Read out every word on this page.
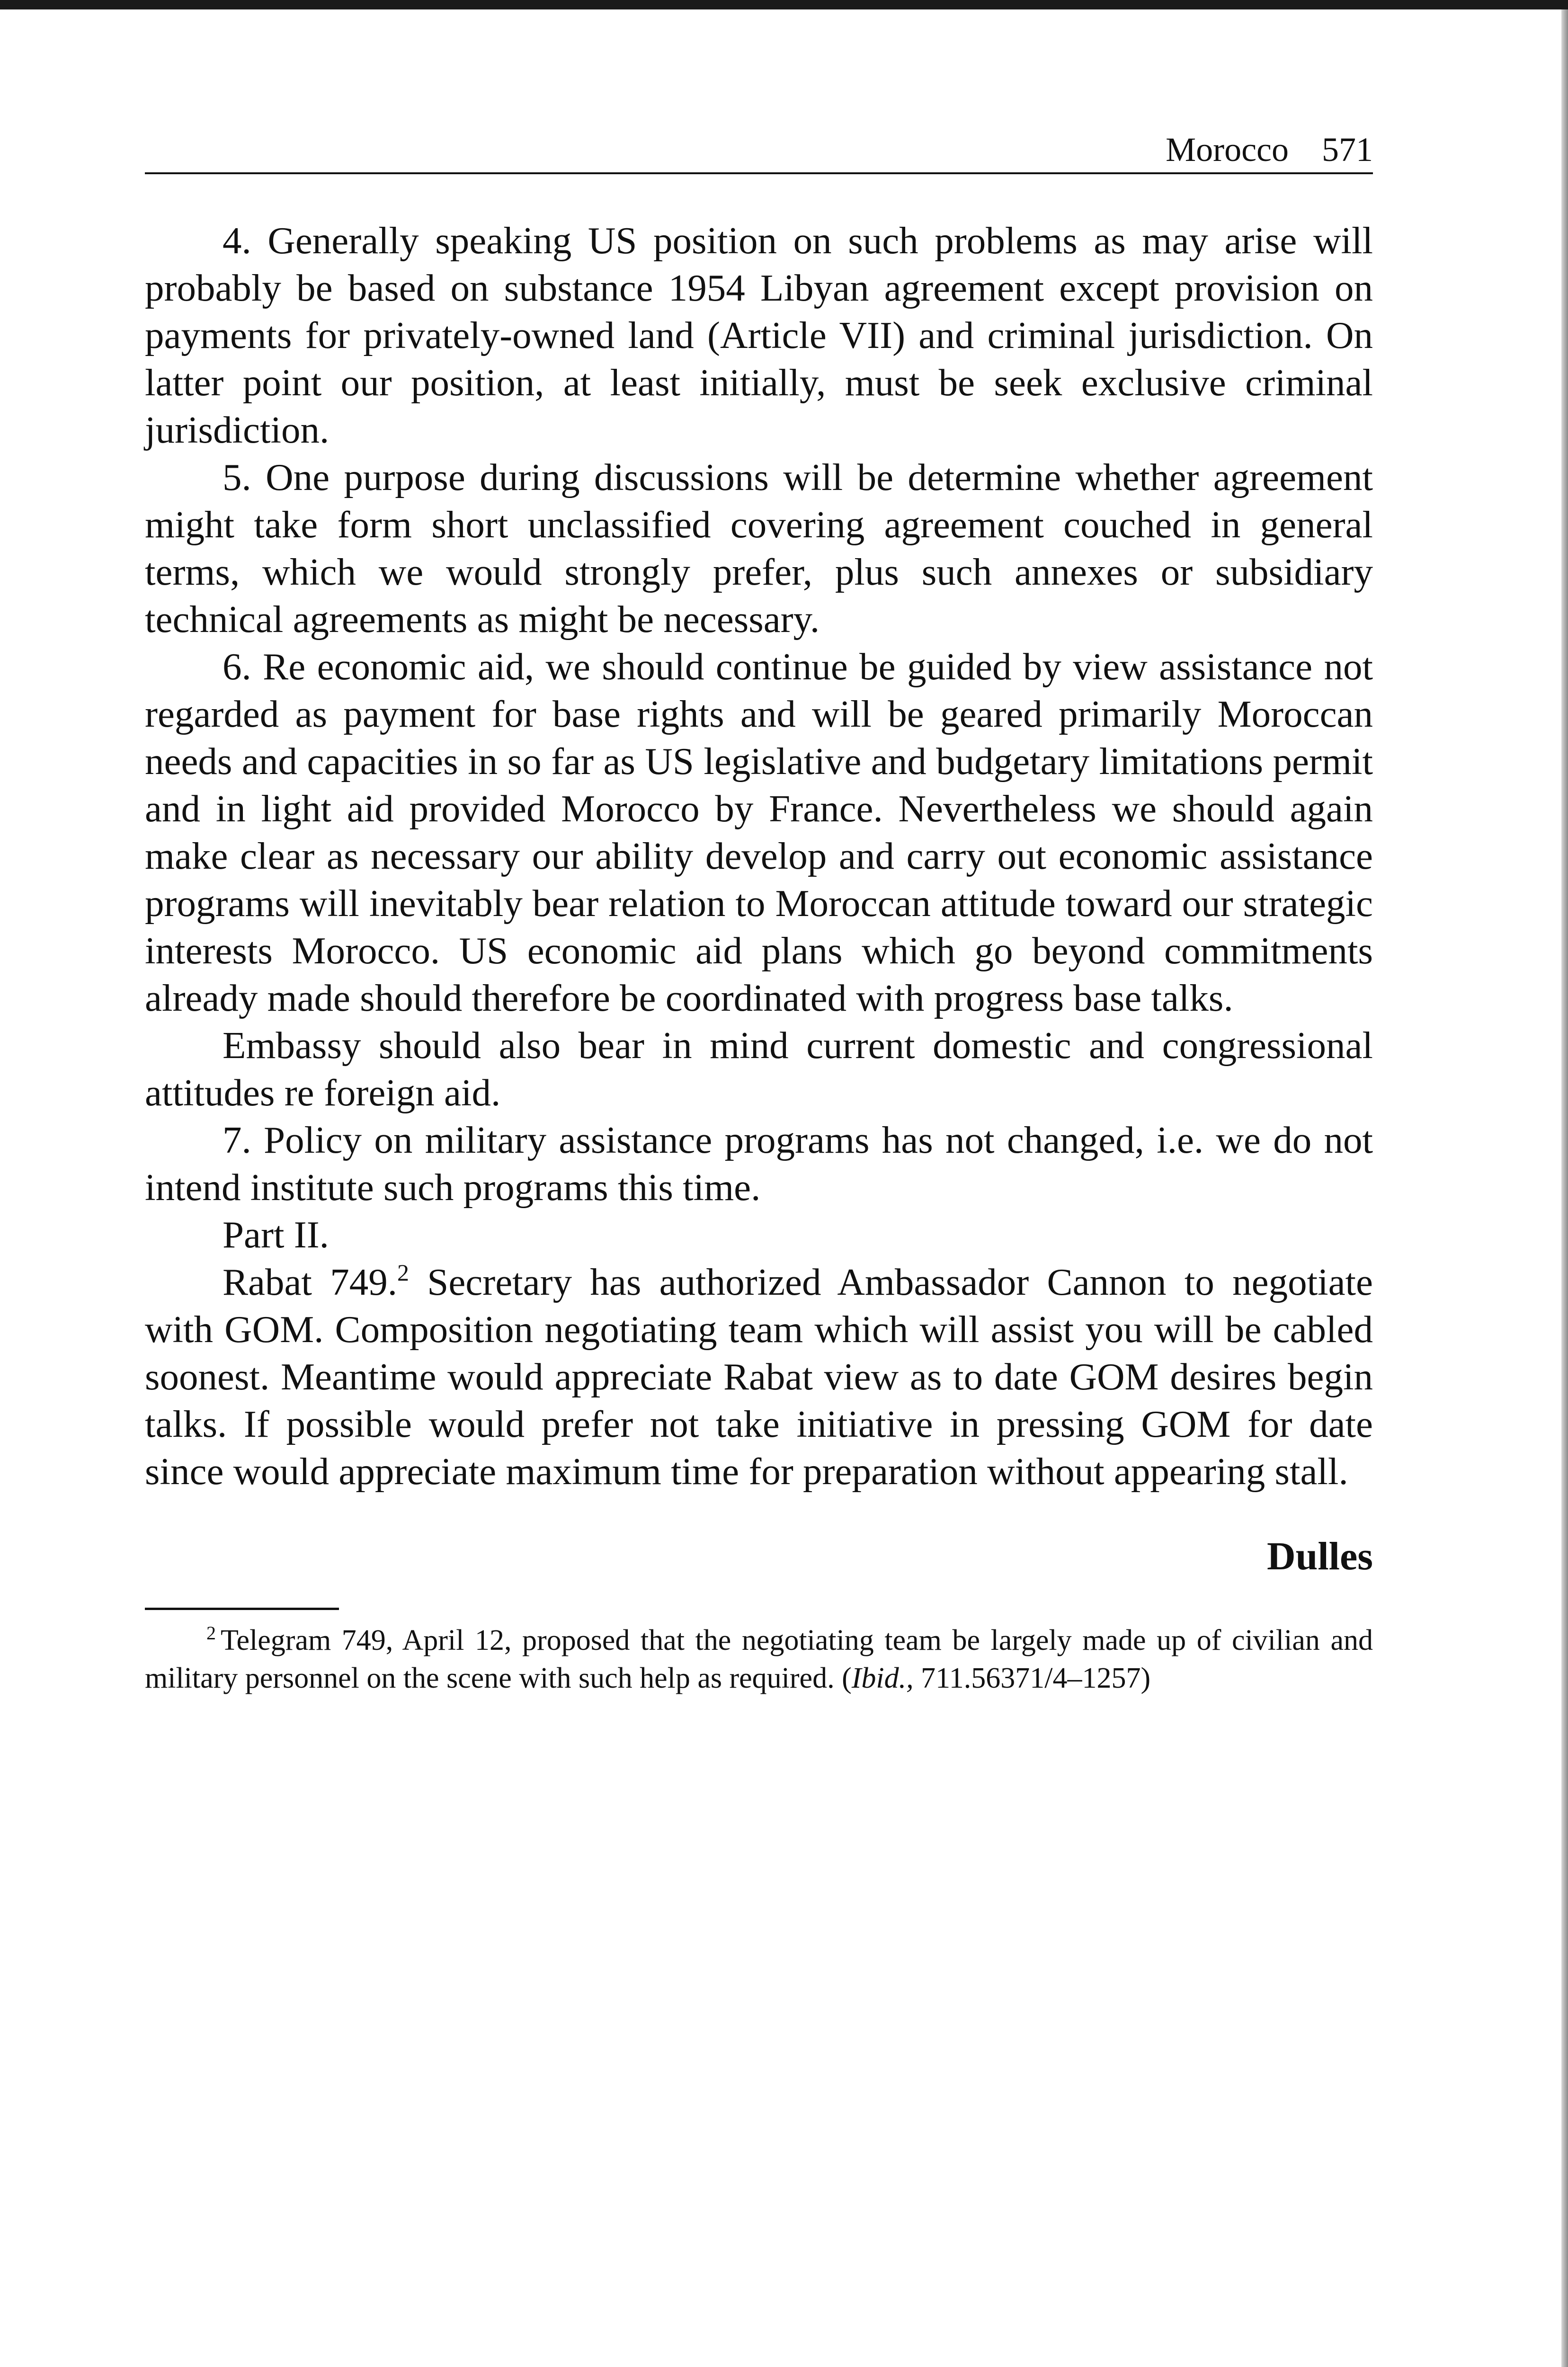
Morocco 571

4. Generally speaking US position on such problems as may arise will probably be based on substance 1954 Libyan agreement except provision on payments for privately-owned land (Article VII) and criminal jurisdiction. On latter point our position, at least initially, must be seek exclusive criminal jurisdiction.

5. One purpose during discussions will be determine whether agreement might take form short unclassified covering agreement couched in general terms, which we would strongly prefer, plus such annexes or subsidiary technical agreements as might be necessary.

6. Re economic aid, we should continue be guided by view assistance not regarded as payment for base rights and will be geared primarily Moroccan needs and capacities in so far as US legislative and budgetary limitations permit and in light aid provided Morocco by France. Nevertheless we should again make clear as necessary our ability develop and carry out economic assistance programs will inevitably bear relation to Moroccan attitude toward our strategic interests Morocco. US economic aid plans which go beyond commitments already made should therefore be coordinated with progress base talks.

Embassy should also bear in mind current domestic and congressional attitudes re foreign aid.

7. Policy on military assistance programs has not changed, i.e. we do not intend institute such programs this time.

Part II.

Rabat 749.$^2$ Secretary has authorized Ambassador Cannon to negotiate with GOM. Composition negotiating team which will assist you will be cabled soonest. Meantime would appreciate Rabat view as to date GOM desires begin talks. If possible would prefer not take initiative in pressing GOM for date since would appreciate maximum time for preparation without appearing stall.

Dulles

$^2$ Telegram 749, April 12, proposed that the negotiating team be largely made up of civilian and military personnel on the scene with such help as required. (Ibid., 711.56371/4–1257)
